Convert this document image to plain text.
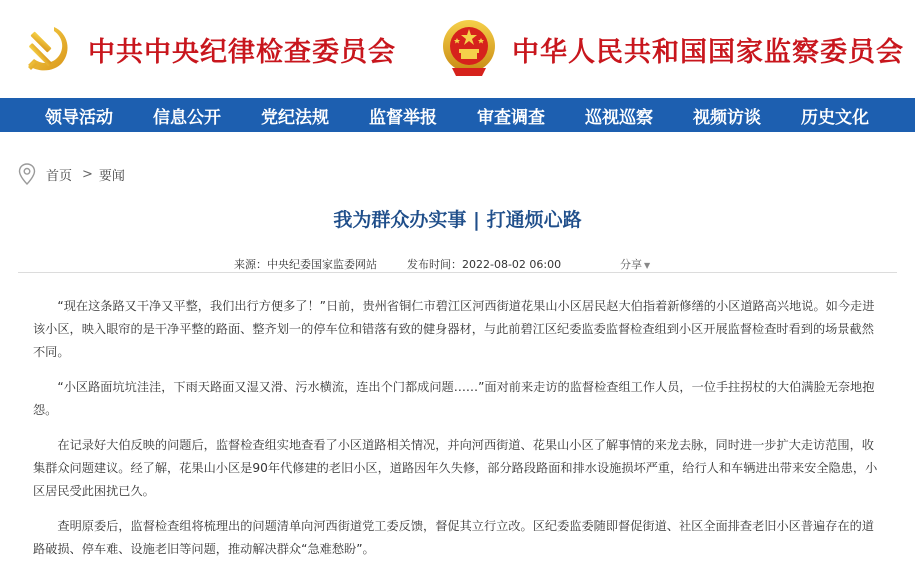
中共中央纪律检查委员会	中华人民共和国国家监察委员会
领导活动	信息公开	党纪法规	监督举报	审查调查	巡视巡察	视频访谈	历史文化
首页 > 要闻
我为群众办实事 | 打通烦心路
来源：中央纪委国家监委网站	发布时间：2022-08-02 06:00	分享 ▼

“现在这条路又干净又平整，我们出行方便多了！”日前，贵州省铜仁市碧江区河西街道花果山小区居民赵大伯指着新修缮的小区道路高兴地说。如今走进该小区，映入眼帘的是干净平整的路面、整齐划一的停车位和错落有致的健身器材，与此前碧江区纪委监委监督检查组到小区开展监督检查时看到的场景截然不同。

“小区路面坑坑洼洼，下雨天路面又湿又滑、污水横流，连出个门都成问题……”面对前来走访的监督检查组工作人员，一位手拄拐杖的大伯满脸无奈地抱怨。

在记录好大伯反映的问题后，监督检查组实地查看了小区道路相关情况，并向河西街道、花果山小区了解事情的来龙去脉，同时进一步扩大走访范围，收集群众问题建议。经了解，花果山小区是90年代修建的老旧小区，道路因年久失修，部分路段路面和排水设施损坏严重，给行人和车辆进出带来安全隐患，小区居民受此困扰已久。

查明原委后，监督检查组将梳理出的问题清单向河西街道党工委反馈，督促其立行立改。区纪委监委随即督促街道、社区全面排查老旧小区普遍存在的道路破损、停车难、设施老旧等问题，推动解决群众“急难愁盼”。
